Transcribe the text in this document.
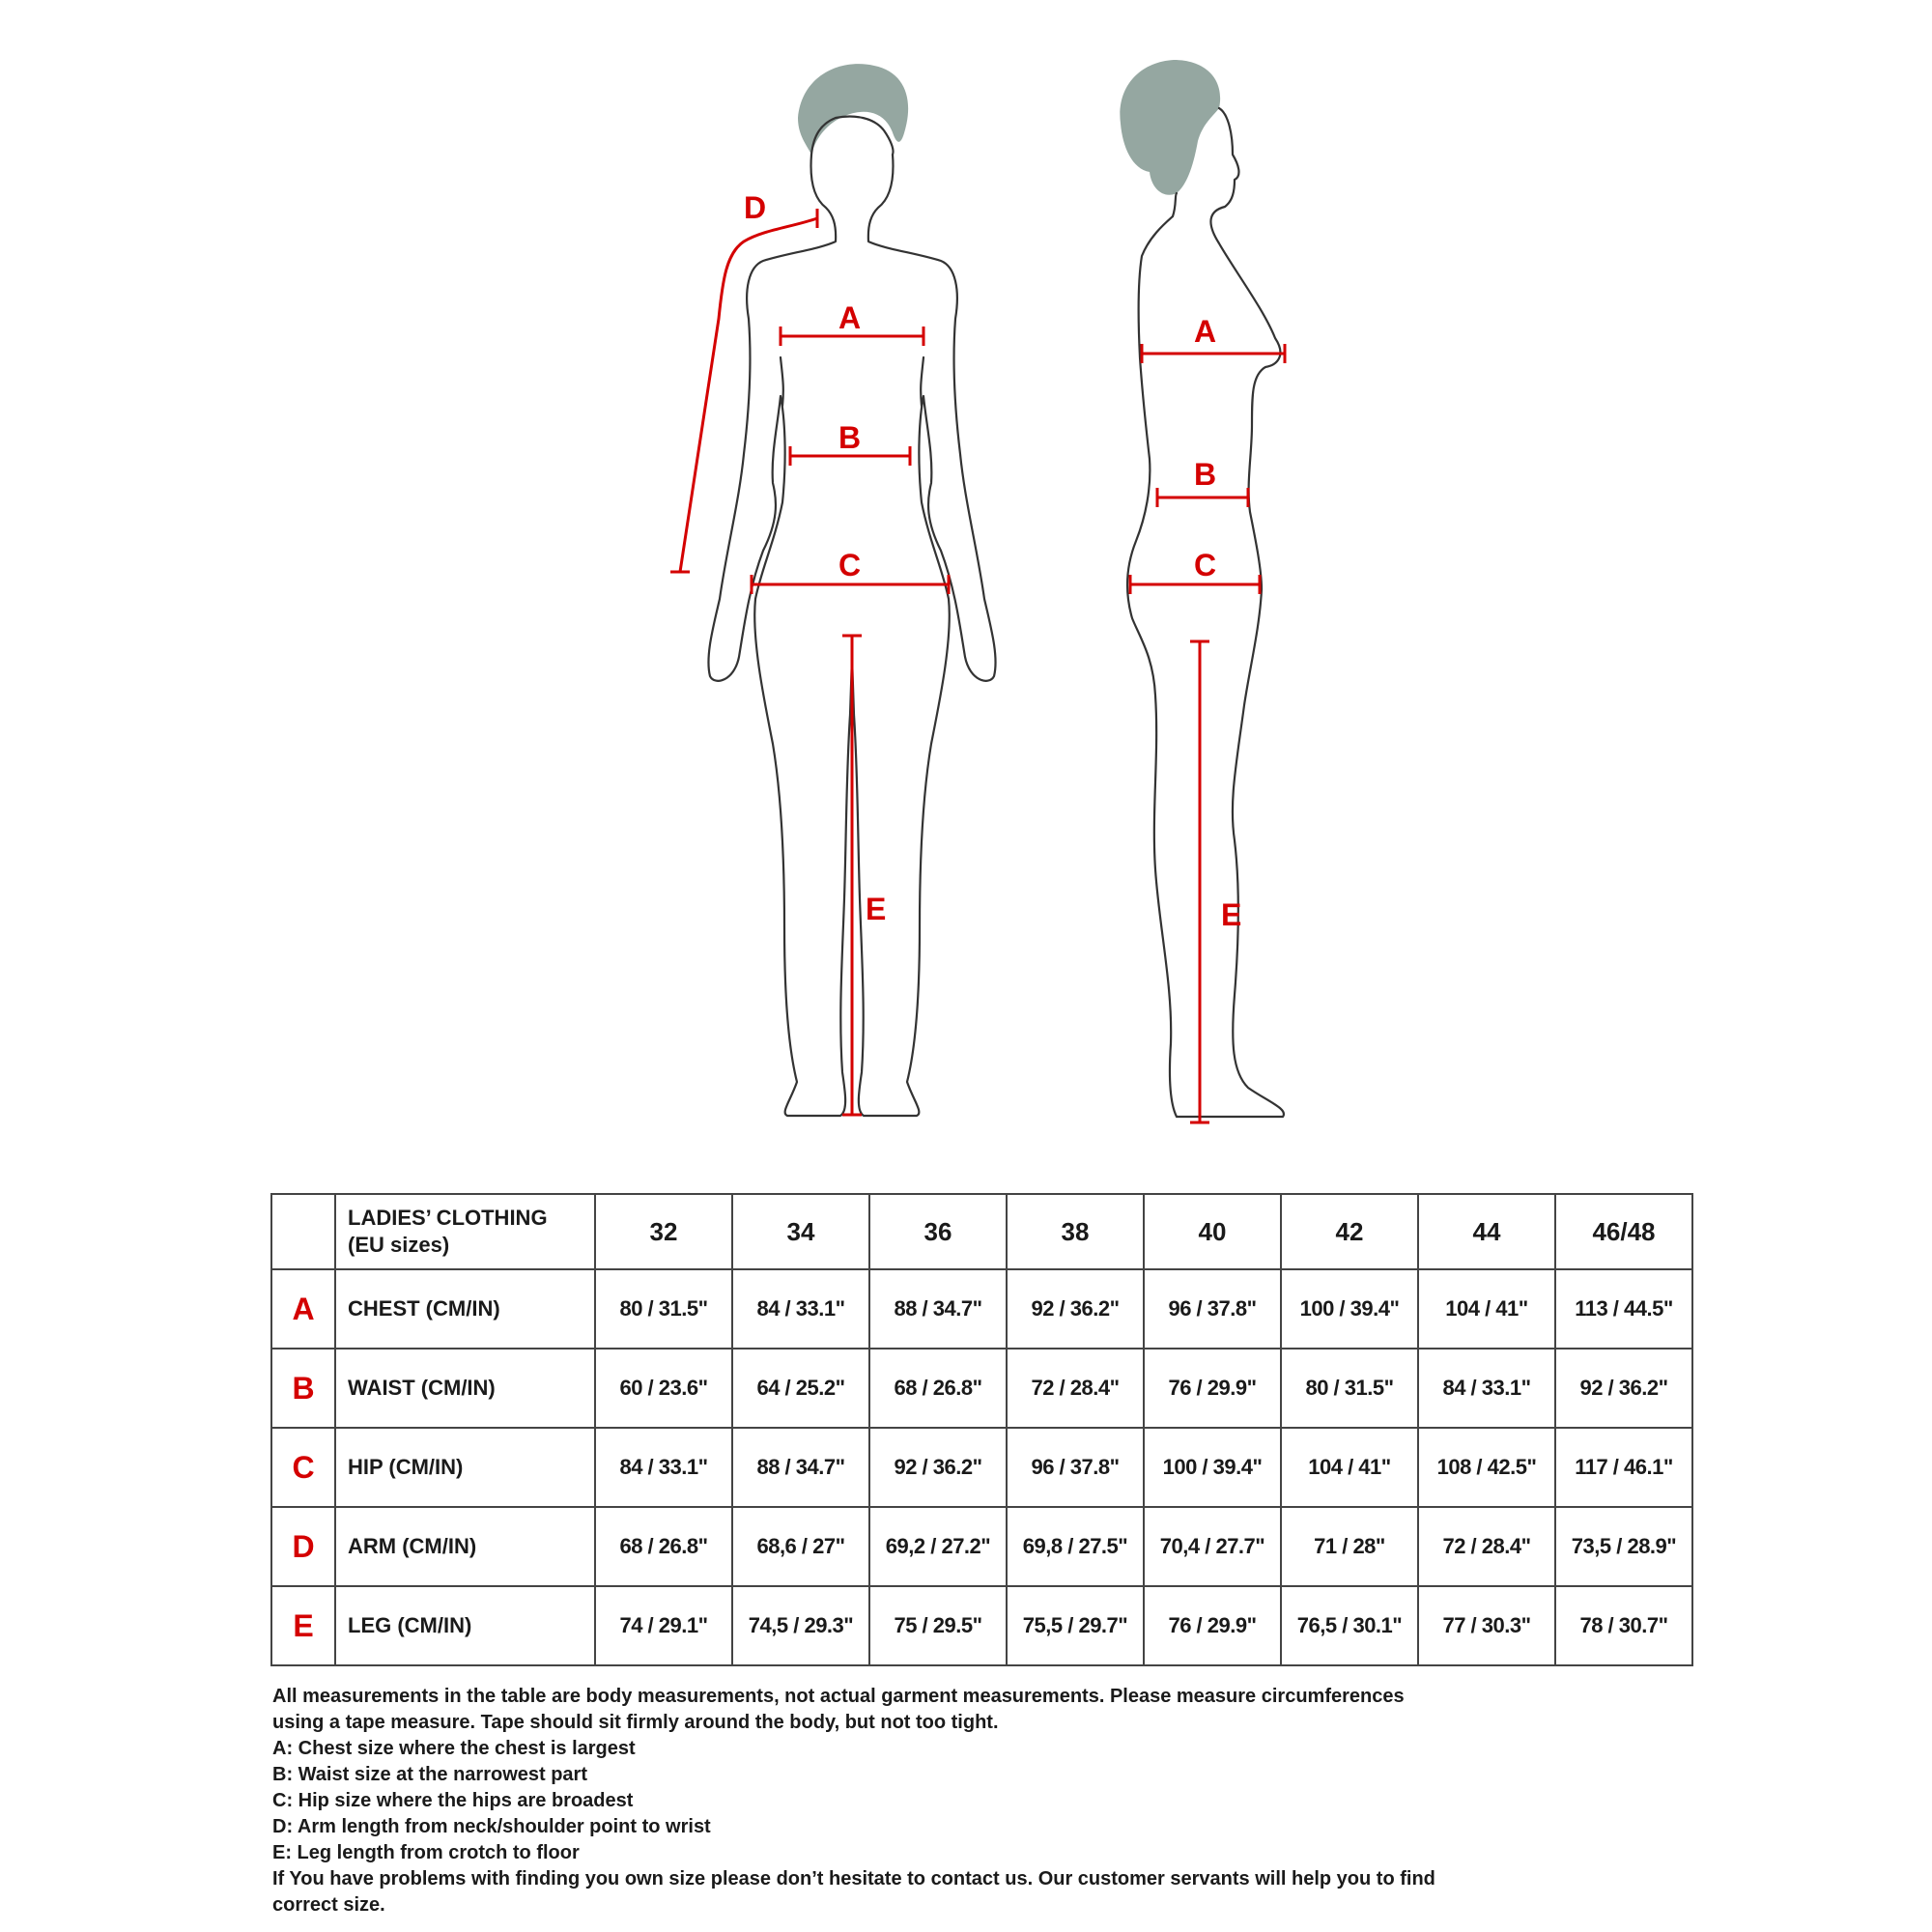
D
A
B
C
E
A
B
C
E

	LADIES’ CLOTHING
(EU sizes)	32	34	36	38	40	42	44	46/48
A	CHEST (CM/IN)	80 / 31.5"	84 / 33.1"	88 / 34.7"	92 / 36.2"	96 / 37.8"	100 / 39.4"	104 / 41"	113 / 44.5"
B	WAIST (CM/IN)	60 / 23.6"	64 / 25.2"	68 / 26.8"	72 / 28.4"	76 / 29.9"	80 / 31.5"	84 / 33.1"	92 / 36.2"
C	HIP (CM/IN)	84 / 33.1"	88 / 34.7"	92 / 36.2"	96 / 37.8"	100 / 39.4"	104 / 41"	108 / 42.5"	117 / 46.1"
D	ARM (CM/IN)	68 / 26.8"	68,6 / 27"	69,2 / 27.2"	69,8 / 27.5"	70,4 / 27.7"	71 / 28"	72 / 28.4"	73,5 / 28.9"
E	LEG (CM/IN)	74 / 29.1"	74,5 / 29.3"	75 / 29.5"	75,5 / 29.7"	76 / 29.9"	76,5 / 30.1"	77 / 30.3"	78 / 30.7"
All measurements in the table are body measurements, not actual garment measurements. Please measure circumferences
using a tape measure. Tape should sit firmly around the body, but not too tight.
A: Chest size where the chest is largest
B: Waist size at the narrowest part
C: Hip size where the hips are broadest
D: Arm length from neck/shoulder point to wrist
E: Leg length from crotch to floor
If You have problems with finding you own size please don’t hesitate to contact us. Our customer servants will help you to find
correct size.
